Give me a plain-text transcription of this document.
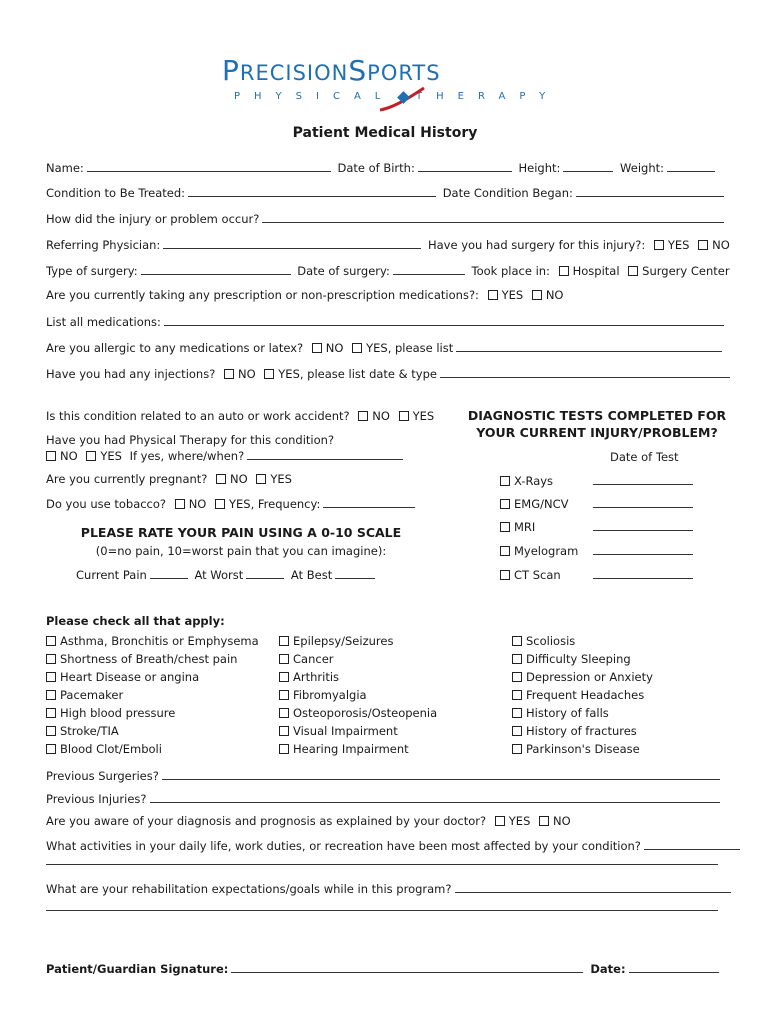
PRECISIONSPORTS
PHYSICAL THERAPY
Patient Medical History
Name:	Date of Birth:	Height:	Weight:
Condition to Be Treated:	Date Condition Began:
How did the injury or problem occur?
Referring Physician:	Have you had surgery for this injury?: YES NO
Type of surgery:	Date of surgery:	Took place in: Hospital Surgery Center
Are you currently taking any prescription or non-prescription medications?: YES NO
List all medications:
Are you allergic to any medications or latex? NO YES, please list
Have you had any injections? NO YES, please list date & type
Is this condition related to an auto or work accident? NO YES
Have you had Physical Therapy for this condition?
NO YES If yes, where/when?
Are you currently pregnant? NO YES
Do you use tobacco? NO YES, Frequency:
PLEASE RATE YOUR PAIN USING A 0-10 SCALE
(0=no pain, 10=worst pain that you can imagine):
Current Pain	At Worst	At Best
DIAGNOSTIC TESTS COMPLETED FOR
YOUR CURRENT INJURY/PROBLEM?
Date of Test
X-Rays
EMG/NCV
MRI
Myelogram
CT Scan
Please check all that apply:
Asthma, Bronchitis or Emphysema
Shortness of Breath/chest pain
Heart Disease or angina
Pacemaker
High blood pressure
Stroke/TIA
Blood Clot/Emboli
Epilepsy/Seizures
Cancer
Arthritis
Fibromyalgia
Osteoporosis/Osteopenia
Visual Impairment
Hearing Impairment
Scoliosis
Difficulty Sleeping
Depression or Anxiety
Frequent Headaches
History of falls
History of fractures
Parkinson's Disease
Previous Surgeries?
Previous Injuries?
Are you aware of your diagnosis and prognosis as explained by your doctor? YES NO
What activities in your daily life, work duties, or recreation have been most affected by your condition?
What are your rehabilitation expectations/goals while in this program?
Patient/Guardian Signature:	Date:
